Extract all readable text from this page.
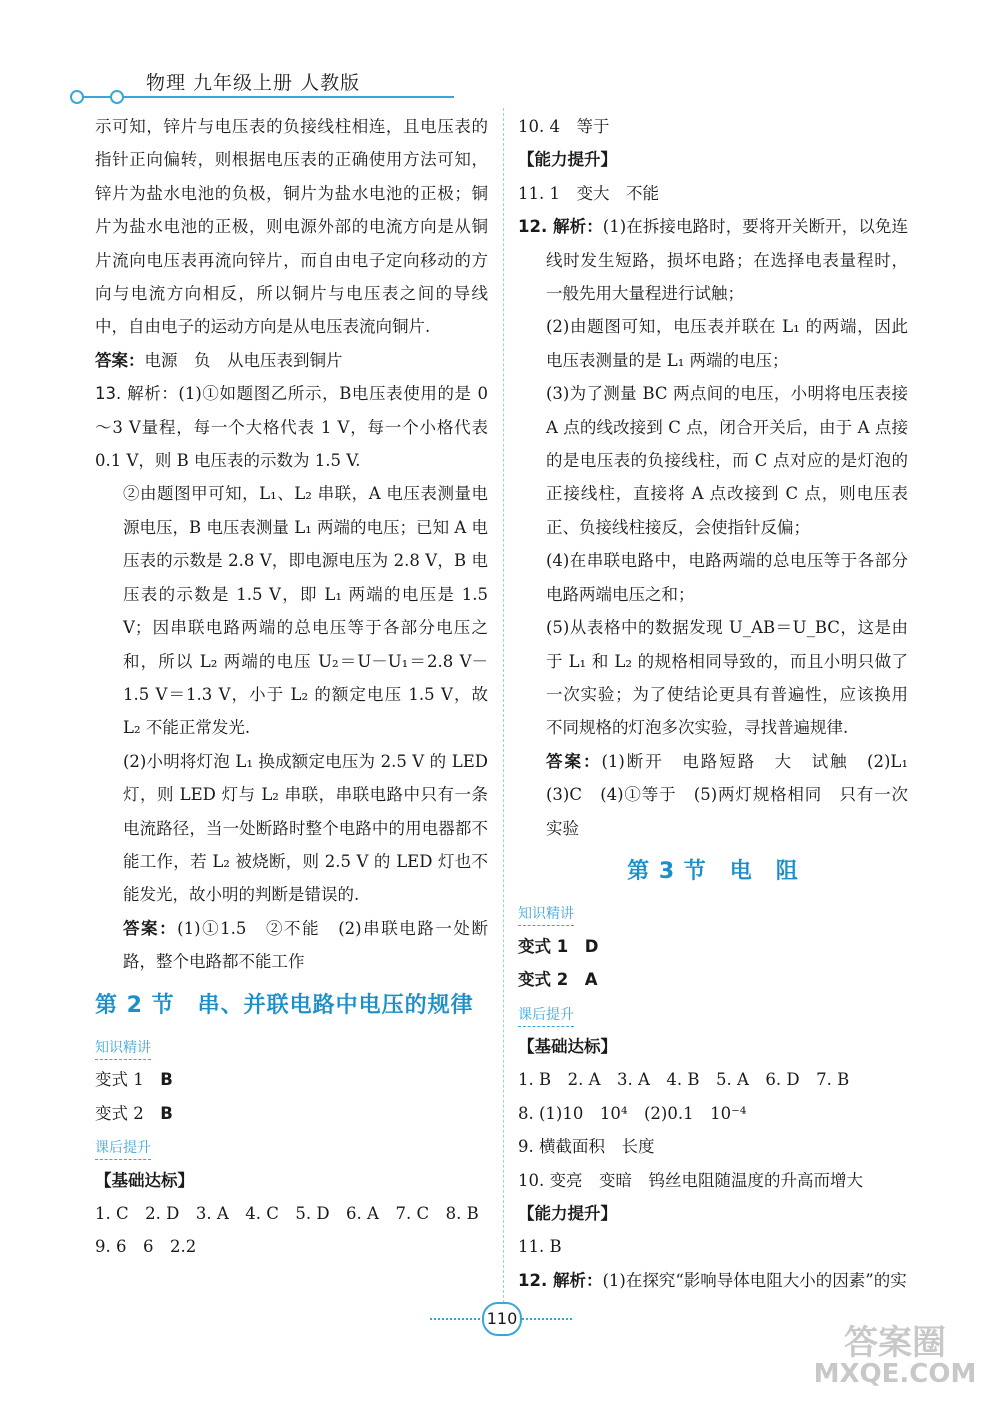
物理 九年级上册 人教版

示可知，锌片与电压表的负接线柱相连，且电压表的指针正向偏转，则根据电压表的正确使用方法可知，锌片为盐水电池的负极，铜片为盐水电池的正极；铜片为盐水电池的正极，则电源外部的电流方向是从铜片流向电压表再流向锌片，而自由电子定向移动的方向与电流方向相反，所以铜片与电压表之间的导线中，自由电子的运动方向是从电压表流向铜片.

答案：电源　负　从电压表到铜片

13. 解析：(1)①如题图乙所示，B电压表使用的是 0～3 V量程，每一个大格代表 1 V，每一个小格代表 0.1 V，则 B 电压表的示数为 1.5 V.

②由题图甲可知，L₁、L₂ 串联，A 电压表测量电源电压，B 电压表测量 L₁ 两端的电压；已知 A 电压表的示数是 2.8 V，即电源电压为 2.8 V，B 电压表的示数是 1.5 V，即 L₁ 两端的电压是 1.5 V；因串联电路两端的总电压等于各部分电压之和，所以 L₂ 两端的电压 U₂＝U－U₁＝2.8 V－1.5 V＝1.3 V，小于 L₂ 的额定电压 1.5 V，故 L₂ 不能正常发光.

(2)小明将灯泡 L₁ 换成额定电压为 2.5 V 的 LED 灯，则 LED 灯与 L₂ 串联，串联电路中只有一条电流路径，当一处断路时整个电路中的用电器都不能工作，若 L₂ 被烧断，则 2.5 V 的 LED 灯也不能发光，故小明的判断是错误的.

答案：(1)①1.5　②不能　(2)串联电路一处断路，整个电路都不能工作

第 2 节　串、并联电路中电压的规律
知识精讲

变式 1　 B

变式 2　 B

课后提升

【基础达标】

1. C　2. D　3. A　4. C　5. D　6. A　7. C　8. B

9. 6　6　2.2

10. 4　等于

【能力提升】

11. 1　变大　不能

12. 解析：(1)在拆接电路时，要将开关断开，以免连线时发生短路，损坏电路；在选择电表量程时，一般先用大量程进行试触；

(2)由题图可知，电压表并联在 L₁ 的两端，因此电压表测量的是 L₁ 两端的电压；

(3)为了测量 BC 两点间的电压，小明将电压表接 A 点的线改接到 C 点，闭合开关后，由于 A 点接的是电压表的负接线柱，而 C 点对应的是灯泡的正接线柱，直接将 A 点改接到 C 点，则电压表正、负接线柱接反，会使指针反偏；

(4)在串联电路中，电路两端的总电压等于各部分电路两端电压之和；

(5)从表格中的数据发现 U_AB＝U_BC，这是由于 L₁ 和 L₂ 的规格相同导致的，而且小明只做了一次实验；为了使结论更具有普遍性，应该换用不同规格的灯泡多次实验，寻找普遍规律.

答案：(1)断开　电路短路　大　试触　(2)L₁　(3)C　(4)①等于　(5)两灯规格相同　只有一次实验

第 3 节　电　阻
知识精讲

变式 1　 D

变式 2　 A

课后提升

【基础达标】

1. B　2. A　3. A　4. B　5. A　6. D　7. B

8. (1)10　10⁴　(2)0.1　10⁻⁴

9. 横截面积　长度

10. 变亮　变暗　钨丝电阻随温度的升高而增大

【能力提升】

11. B

12. 解析：(1)在探究“影响导体电阻大小的因素”的实

110
答案圈
MXQE.COM
